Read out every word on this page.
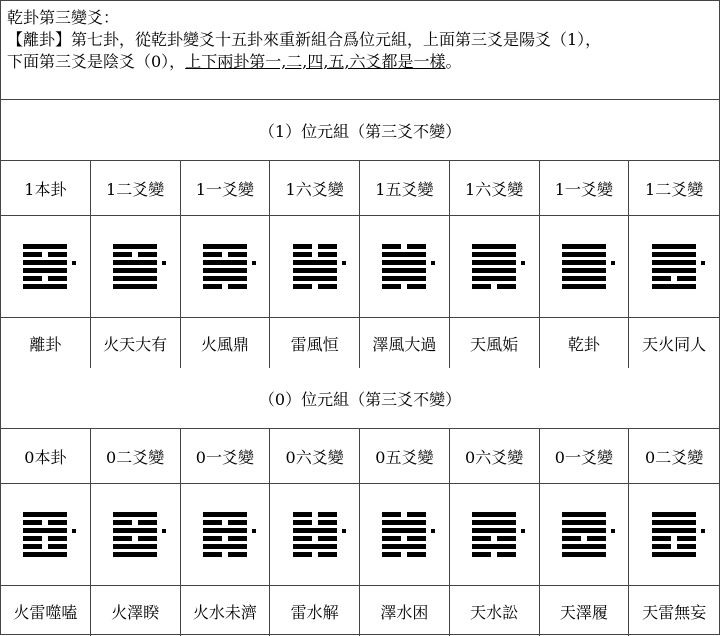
乾卦第三變爻：
【離卦】第七卦，從乾卦變爻十五卦來重新組合爲位元組，上面第三爻是陽爻（1），
下面第三爻是陰爻（0），上下兩卦第一,二,四,五,六爻都是一樣。
（1）位元組（第三爻不變）
1本卦	1二爻變	1一爻變	1六爻變	1五爻變	1六爻變	1一爻變	1二爻變
離卦	火天大有	火風鼎	雷風恒	澤風大過	天風姤	乾卦	天火同人
（0）位元組（第三爻不變）
0本卦	0二爻變	0一爻變	0六爻變	0五爻變	0六爻變	0一爻變	0二爻變
火雷噬嗑	火澤睽	火水未濟	雷水解	澤水困	天水訟	天澤履	天雷無妄
